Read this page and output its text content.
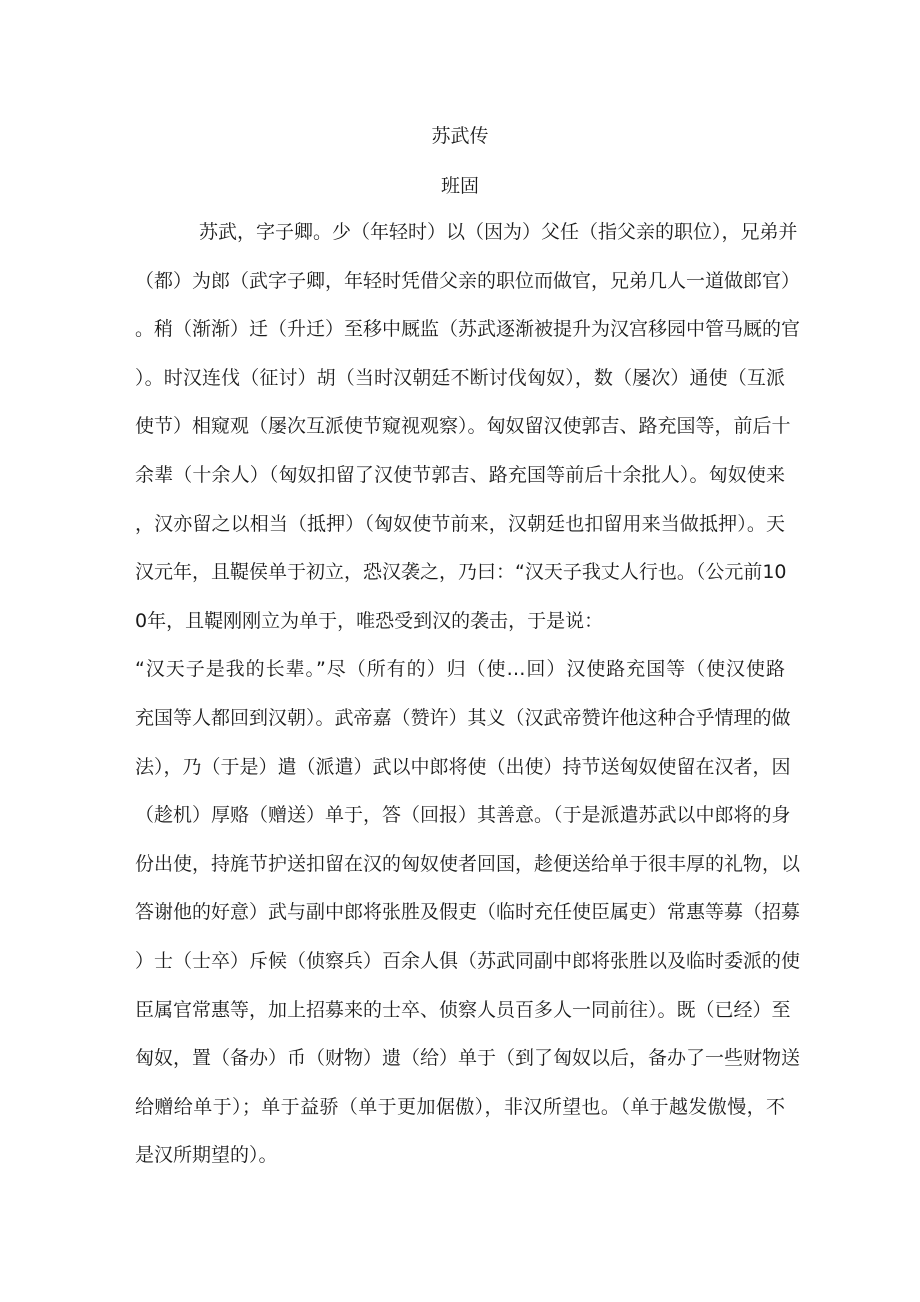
苏武传
班固
苏武，字子卿。少（年轻时）以（因为）父任（指父亲的职位），兄弟并
（都）为郎（武字子卿，年轻时凭借父亲的职位而做官，兄弟几人一道做郎官）
。稍（渐渐）迁（升迁）至移中厩监（苏武逐渐被提升为汉宫移园中管马厩的官
）。时汉连伐（征讨）胡（当时汉朝廷不断讨伐匈奴），数（屡次）通使（互派
使节）相窥观（屡次互派使节窥视观察）。匈奴留汉使郭吉、路充国等，前后十
余辈（十余人）（匈奴扣留了汉使节郭吉、路充国等前后十余批人）。匈奴使来
，汉亦留之以相当（抵押）（匈奴使节前来，汉朝廷也扣留用来当做抵押）。天
汉元年，且鞮侯单于初立，恐汉袭之，乃曰：“汉天子我丈人行也。（公元前10
0年，且鞮刚刚立为单于，唯恐受到汉的袭击，于是说：
“汉天子是我的长辈。”尽（所有的）归（使…回）汉使路充国等（使汉使路
充国等人都回到汉朝）。武帝嘉（赞许）其义（汉武帝赞许他这种合乎情理的做
法），乃（于是）遣（派遣）武以中郎将使（出使）持节送匈奴使留在汉者，因
（趁机）厚赂（赠送）单于，答（回报）其善意。（于是派遣苏武以中郎将的身
份出使，持旄节护送扣留在汉的匈奴使者回国，趁便送给单于很丰厚的礼物，以
答谢他的好意）武与副中郎将张胜及假吏（临时充任使臣属吏）常惠等募（招募
）士（士卒）斥候（侦察兵）百余人俱（苏武同副中郎将张胜以及临时委派的使
臣属官常惠等，加上招募来的士卒、侦察人员百多人一同前往）。既（已经）至
匈奴，置（备办）币（财物）遗（给）单于（到了匈奴以后，备办了一些财物送
给赠给单于）；单于益骄（单于更加倨傲），非汉所望也。（单于越发傲慢，不
是汉所期望的）。
